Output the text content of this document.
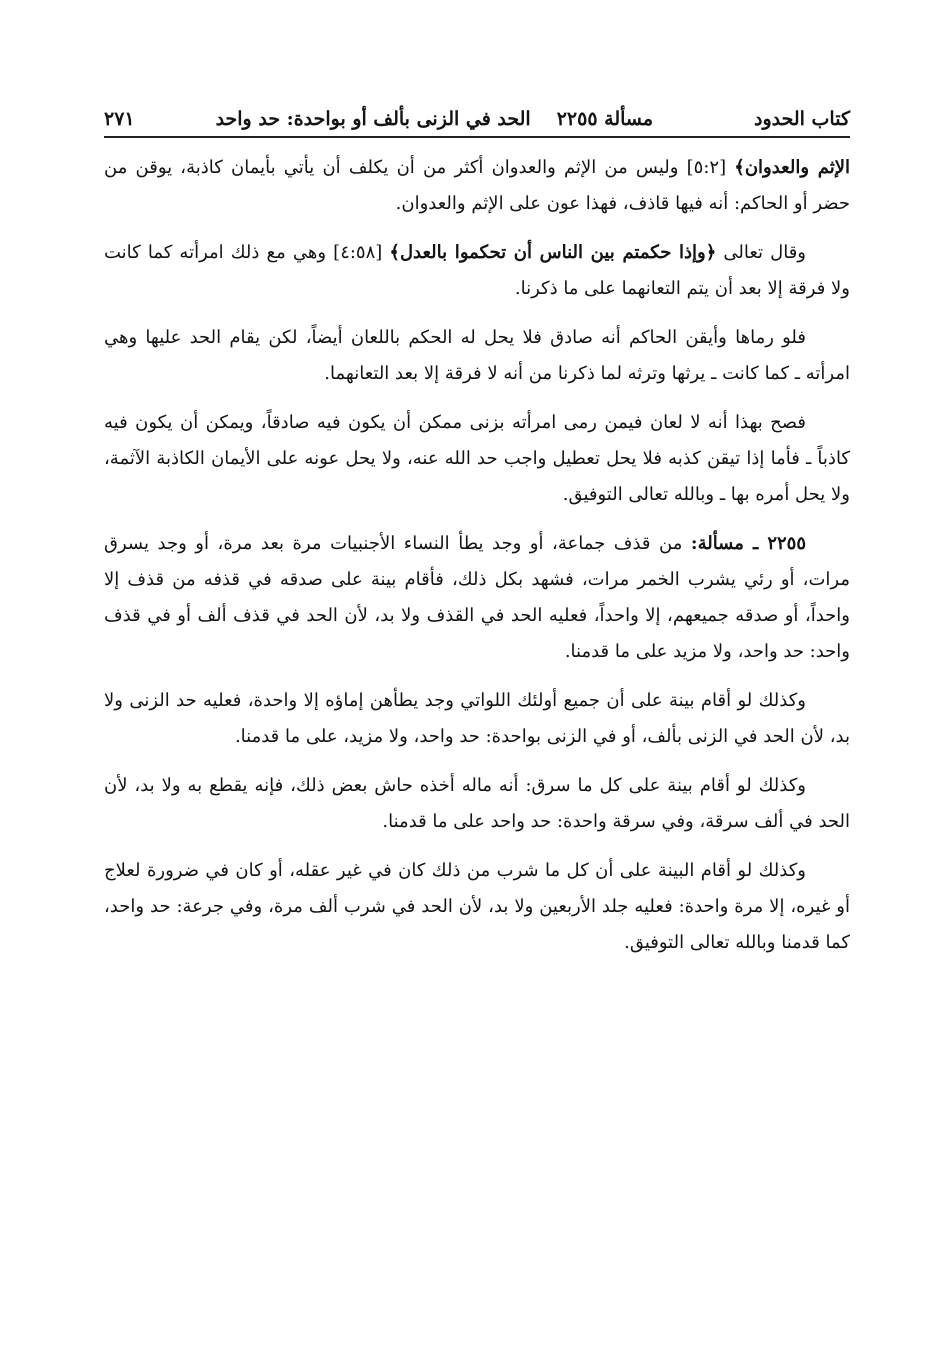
كتاب الحدود
مسألة ٢٢٥٥
الحد في الزنى بألف أو بواحدة: حد واحد
٢٧١

الإثم والعدوان﴾ [٥:٢] وليس من الإثم والعدوان أكثر من أن يكلف أن يأتي بأيمان كاذبة، يوقن من حضر أو الحاكم: أنه فيها قاذف، فهذا عون على الإثم والعدوان.

وقال تعالى ﴿وإذا حكمتم بين الناس أن تحكموا بالعدل﴾ [٤:٥٨] وهي مع ذلك امرأته كما كانت ولا فرقة إلا بعد أن يتم التعانهما على ما ذكرنا.

فلو رماها وأيقن الحاكم أنه صادق فلا يحل له الحكم باللعان أيضاً، لكن يقام الحد عليها وهي امرأته ـ كما كانت ـ يرثها وترثه لما ذكرنا من أنه لا فرقة إلا بعد التعانهما.

فصح بهذا أنه لا لعان فيمن رمى امرأته بزنى ممكن أن يكون فيه صادقاً، ويمكن أن يكون فيه كاذباً ـ فأما إذا تيقن كذبه فلا يحل تعطيل واجب حد الله عنه، ولا يحل عونه على الأيمان الكاذبة الآثمة، ولا يحل أمره بها ـ وبالله تعالى التوفيق.

٢٢٥٥ ـ مسألة: من قذف جماعة، أو وجد يطأ النساء الأجنبيات مرة بعد مرة، أو وجد يسرق مرات، أو رئي يشرب الخمر مرات، فشهد بكل ذلك، فأقام بينة على صدقه في قذفه من قذف إلا واحداً، أو صدقه جميعهم، إلا واحداً، فعليه الحد في القذف ولا بد، لأن الحد في قذف ألف أو في قذف واحد: حد واحد، ولا مزيد على ما قدمنا.

وكذلك لو أقام بينة على أن جميع أولئك اللواتي وجد يطأهن إماؤه إلا واحدة، فعليه حد الزنى ولا بد، لأن الحد في الزنى بألف، أو في الزنى بواحدة: حد واحد، ولا مزيد، على ما قدمنا.

وكذلك لو أقام بينة على كل ما سرق: أنه ماله أخذه حاش بعض ذلك، فإنه يقطع به ولا بد، لأن الحد في ألف سرقة، وفي سرقة واحدة: حد واحد على ما قدمنا.

وكذلك لو أقام البينة على أن كل ما شرب من ذلك كان في غير عقله، أو كان في ضرورة لعلاج أو غيره، إلا مرة واحدة: فعليه جلد الأربعين ولا بد، لأن الحد في شرب ألف مرة، وفي جرعة: حد واحد، كما قدمنا وبالله تعالى التوفيق.
